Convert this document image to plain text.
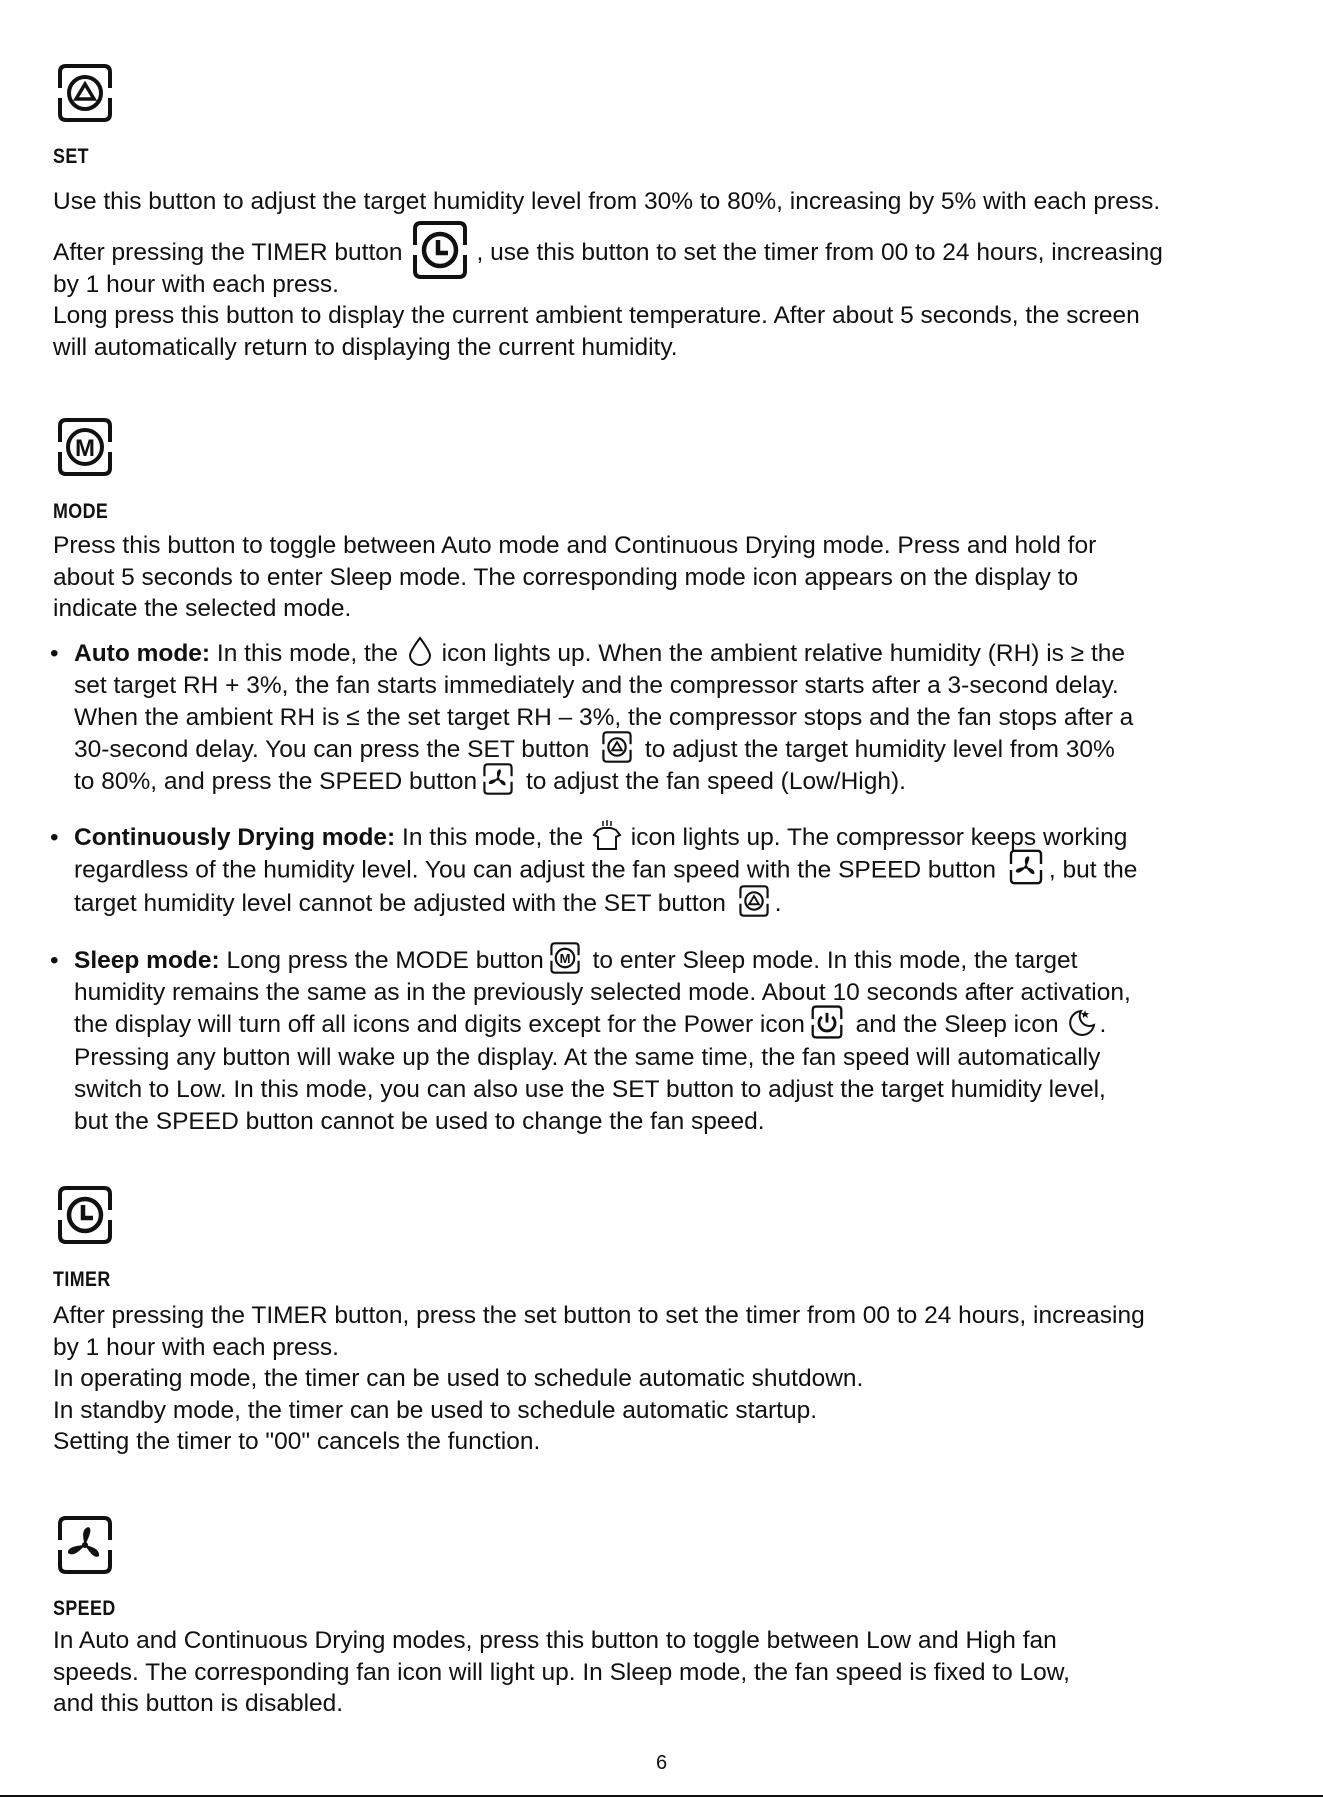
SET
Use this button to adjust the target humidity level from 30% to 80%, increasing by 5% with each press.
After pressing the TIMER button	, use this button to set the timer from 00 to 24 hours, increasing
by 1 hour with each press.
Long press this button to display the current ambient temperature. After about 5 seconds, the screen
will automatically return to displaying the current humidity.
MODE
Press this button to toggle between Auto mode and Continuous Drying mode. Press and hold for
about 5 seconds to enter Sleep mode. The corresponding mode icon appears on the display to
indicate the selected mode.
• Auto mode: In this mode, the
icon lights up. When the ambient relative humidity (RH) is ≥ the
set target RH + 3%, the fan starts immediately and the compressor starts after a 3-second delay.
When the ambient RH is ≤ the set target RH – 3%, the compressor stops and the fan stops after a
30-second delay. You can press the SET button
to adjust the target humidity level from 30%
to 80%, and press the SPEED button
to adjust the fan speed (Low/High).
• Continuously Drying mode: In this mode, the
icon lights up. The compressor keeps working
regardless of the humidity level. You can adjust the fan speed with the SPEED button
, but the
target humidity level cannot be adjusted with the SET button
.
• Sleep mode: Long press the MODE button
to enter Sleep mode. In this mode, the target
humidity remains the same as in the previously selected mode. About 10 seconds after activation,
the display will turn off all icons and digits except for the Power icon
and the Sleep icon
.
Pressing any button will wake up the display. At the same time, the fan speed will automatically
switch to Low. In this mode, you can also use the SET button to adjust the target humidity level,
but the SPEED button cannot be used to change the fan speed.
TIMER
After pressing the TIMER button, press the set button to set the timer from 00 to 24 hours, increasing
by 1 hour with each press.
In operating mode, the timer can be used to schedule automatic shutdown.
In standby mode, the timer can be used to schedule automatic startup.
Setting the timer to "00" cancels the function.
SPEED
In Auto and Continuous Drying modes, press this button to toggle between Low and High fan
speeds. The corresponding fan icon will light up. In Sleep mode, the fan speed is fixed to Low,
and this button is disabled.
6
